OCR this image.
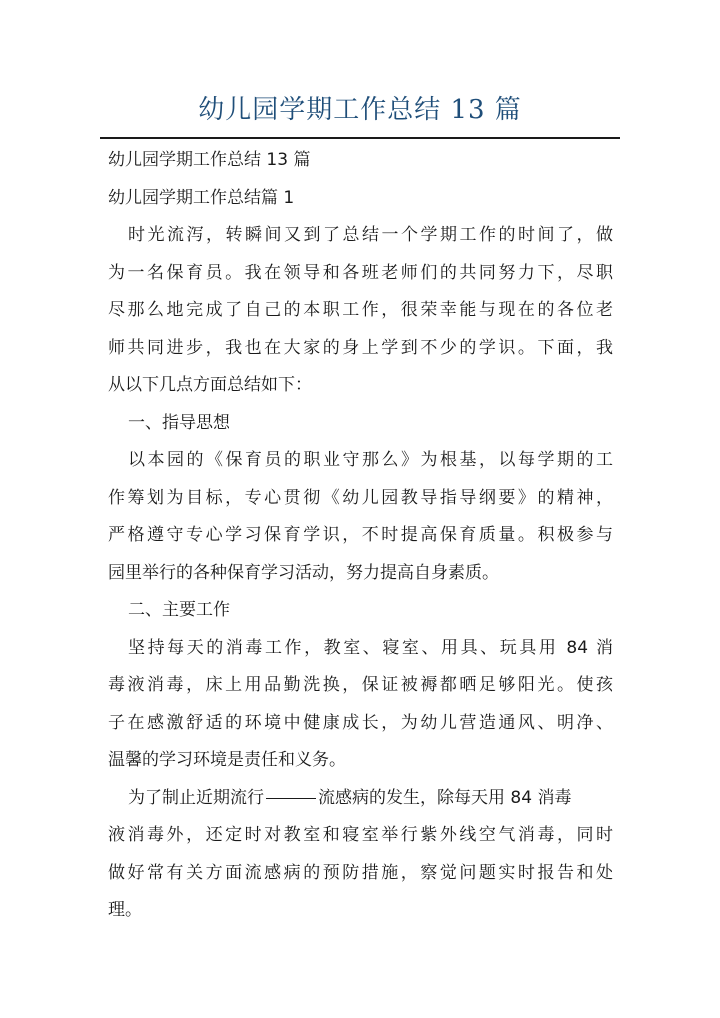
幼儿园学期工作总结 13 篇
幼儿园学期工作总结 13 篇
幼儿园学期工作总结篇 1
时光流泻，转瞬间又到了总结一个学期工作的时间了，做
为一名保育员。我在领导和各班老师们的共同努力下，尽职
尽那么地完成了自己的本职工作，很荣幸能与现在的各位老
师共同进步，我也在大家的身上学到不少的学识。下面，我
从以下几点方面总结如下：
一、指导思想
以本园的《保育员的职业守那么》为根基，以每学期的工
作筹划为目标，专心贯彻《幼儿园教导指导纲要》的精神，
严格遵守专心学习保育学识，不时提高保育质量。积极参与
园里举行的各种保育学习活动，努力提高自身素质。
二、主要工作
坚持每天的消毒工作，教室、寝室、用具、玩具用 84 消
毒液消毒，床上用品勤洗换，保证被褥都晒足够阳光。使孩
子在感激舒适的环境中健康成长，为幼儿营造通风、明净、
温馨的学习环境是责任和义务。
为了制止近期流行	流感病的发生，除每天用 84 消毒
液消毒外，还定时对教室和寝室举行紫外线空气消毒，同时
做好常有关方面流感病的预防措施，察觉问题实时报告和处
理。
